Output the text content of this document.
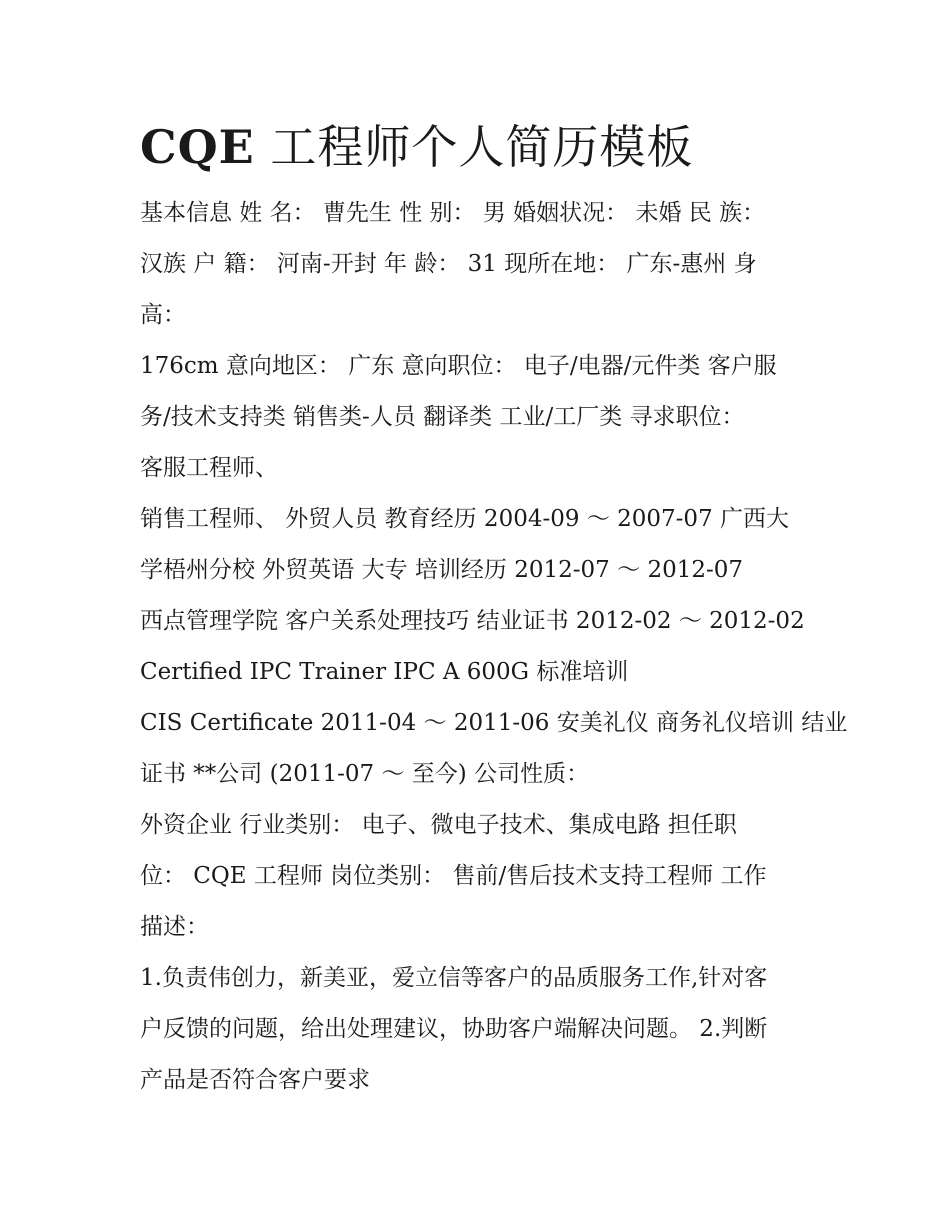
CQE 工程师个人简历模板

基本信息 姓 名： 曹先生 性 别： 男 婚姻状况： 未婚 民 族：

汉族 户 籍： 河南-开封 年 龄： 31 现所在地： 广东-惠州 身

高：

176cm 意向地区： 广东 意向职位： 电子/电器/元件类 客户服

务/技术支持类 销售类-人员 翻译类 工业/工厂类 寻求职位：

客服工程师、

销售工程师、 外贸人员 教育经历 2004-09 ～ 2007-07 广西大

学梧州分校 外贸英语 大专 培训经历 2012-07 ～ 2012-07

西点管理学院 客户关系处理技巧 结业证书 2012-02 ～ 2012-02

Certified IPC Trainer IPC A 600G 标准培训

CIS Certificate 2011-04 ～ 2011-06 安美礼仪 商务礼仪培训 结业

证书 **公司 (2011-07 ～ 至今) 公司性质：

外资企业 行业类别： 电子、微电子技术、集成电路 担任职

位： CQE 工程师 岗位类别： 售前/售后技术支持工程师 工作

描述：

1.负责伟创力，新美亚，爱立信等客户的品质服务工作,针对客

户反馈的问题，给出处理建议，协助客户端解决问题。 2.判断

产品是否符合客户要求
